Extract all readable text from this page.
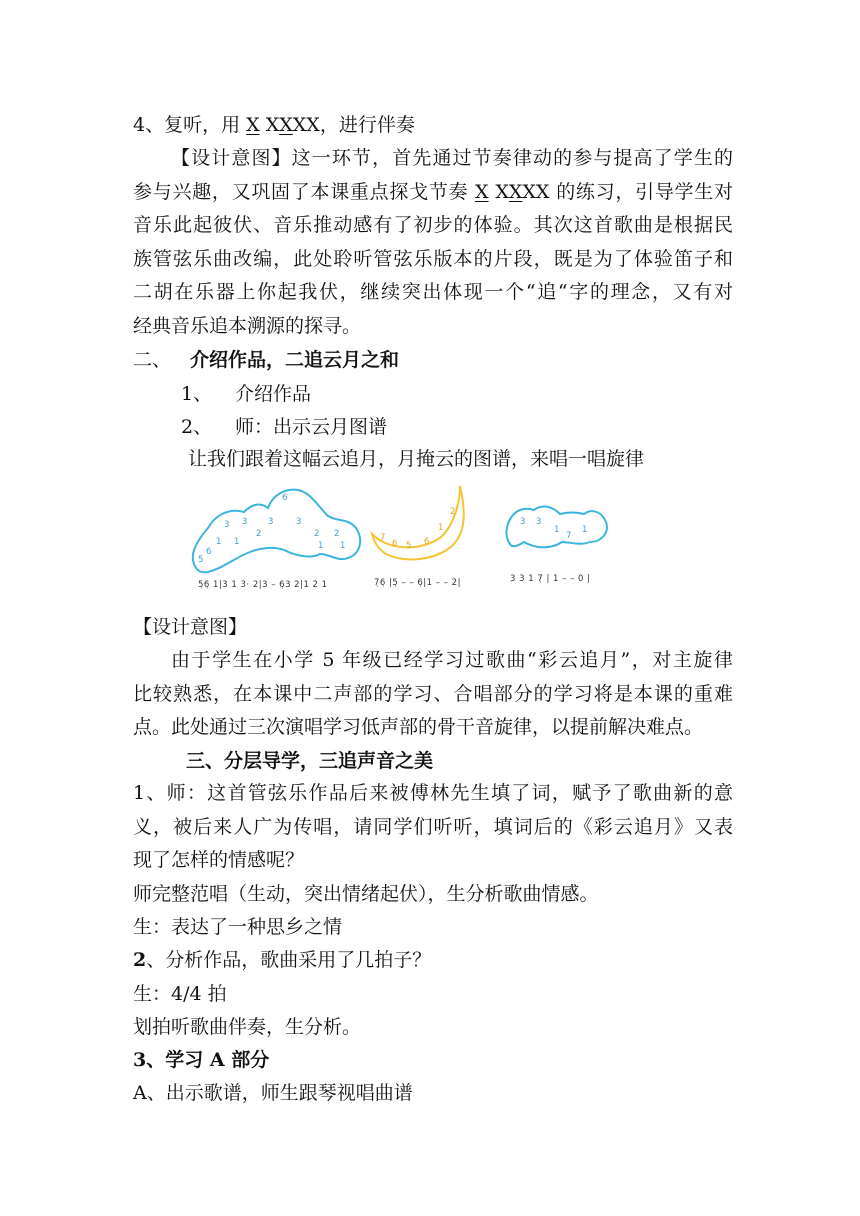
4、复听，用 X XXXX，进行伴奏
【设计意图】这一环节，首先通过节奏律动的参与提高了学生的
参与兴趣，又巩固了本课重点探戈节奏 X XXXX 的练习，引导学生对
音乐此起彼伏、音乐推动感有了初步的体验。其次这首歌曲是根据民
族管弦乐曲改编，此处聆听管弦乐版本的片段，既是为了体验笛子和
二胡在乐器上你起我伏，继续突出体现一个“追“字的理念，又有对
经典音乐追本溯源的探寻。
二、 介绍作品，二追云月之和
1、 介绍作品
2、 师：出示云月图谱
让我们跟着这幅云追月，月掩云的图谱，来唱一唱旋律
6
3 3 3	3
2	2
1 1
2
1 1
6
5
2
1
7
6 5 6
3 3
1
7
1
5̣6̣ 1|3 1 3· 2|3 – 6̣3 2|1 2 1	7̣6̣ |5̣ – – 6̣|1 – – 2|	3 3 1 7̣ | 1 – – 0 |
【设计意图】
由于学生在小学 5 年级已经学习过歌曲“彩云追月”，对主旋律
比较熟悉，在本课中二声部的学习、合唱部分的学习将是本课的重难
点。此处通过三次演唱学习低声部的骨干音旋律，以提前解决难点。
三、分层导学，三追声音之美
1、师：这首管弦乐作品后来被傅林先生填了词，赋予了歌曲新的意
义，被后来人广为传唱，请同学们听听，填词后的《彩云追月》又表
现了怎样的情感呢？
师完整范唱（生动，突出情绪起伏），生分析歌曲情感。
生：表达了一种思乡之情
2、分析作品，歌曲采用了几拍子？
生：4/4 拍
划拍听歌曲伴奏，生分析。
3、学习 A 部分
A、出示歌谱，师生跟琴视唱曲谱
